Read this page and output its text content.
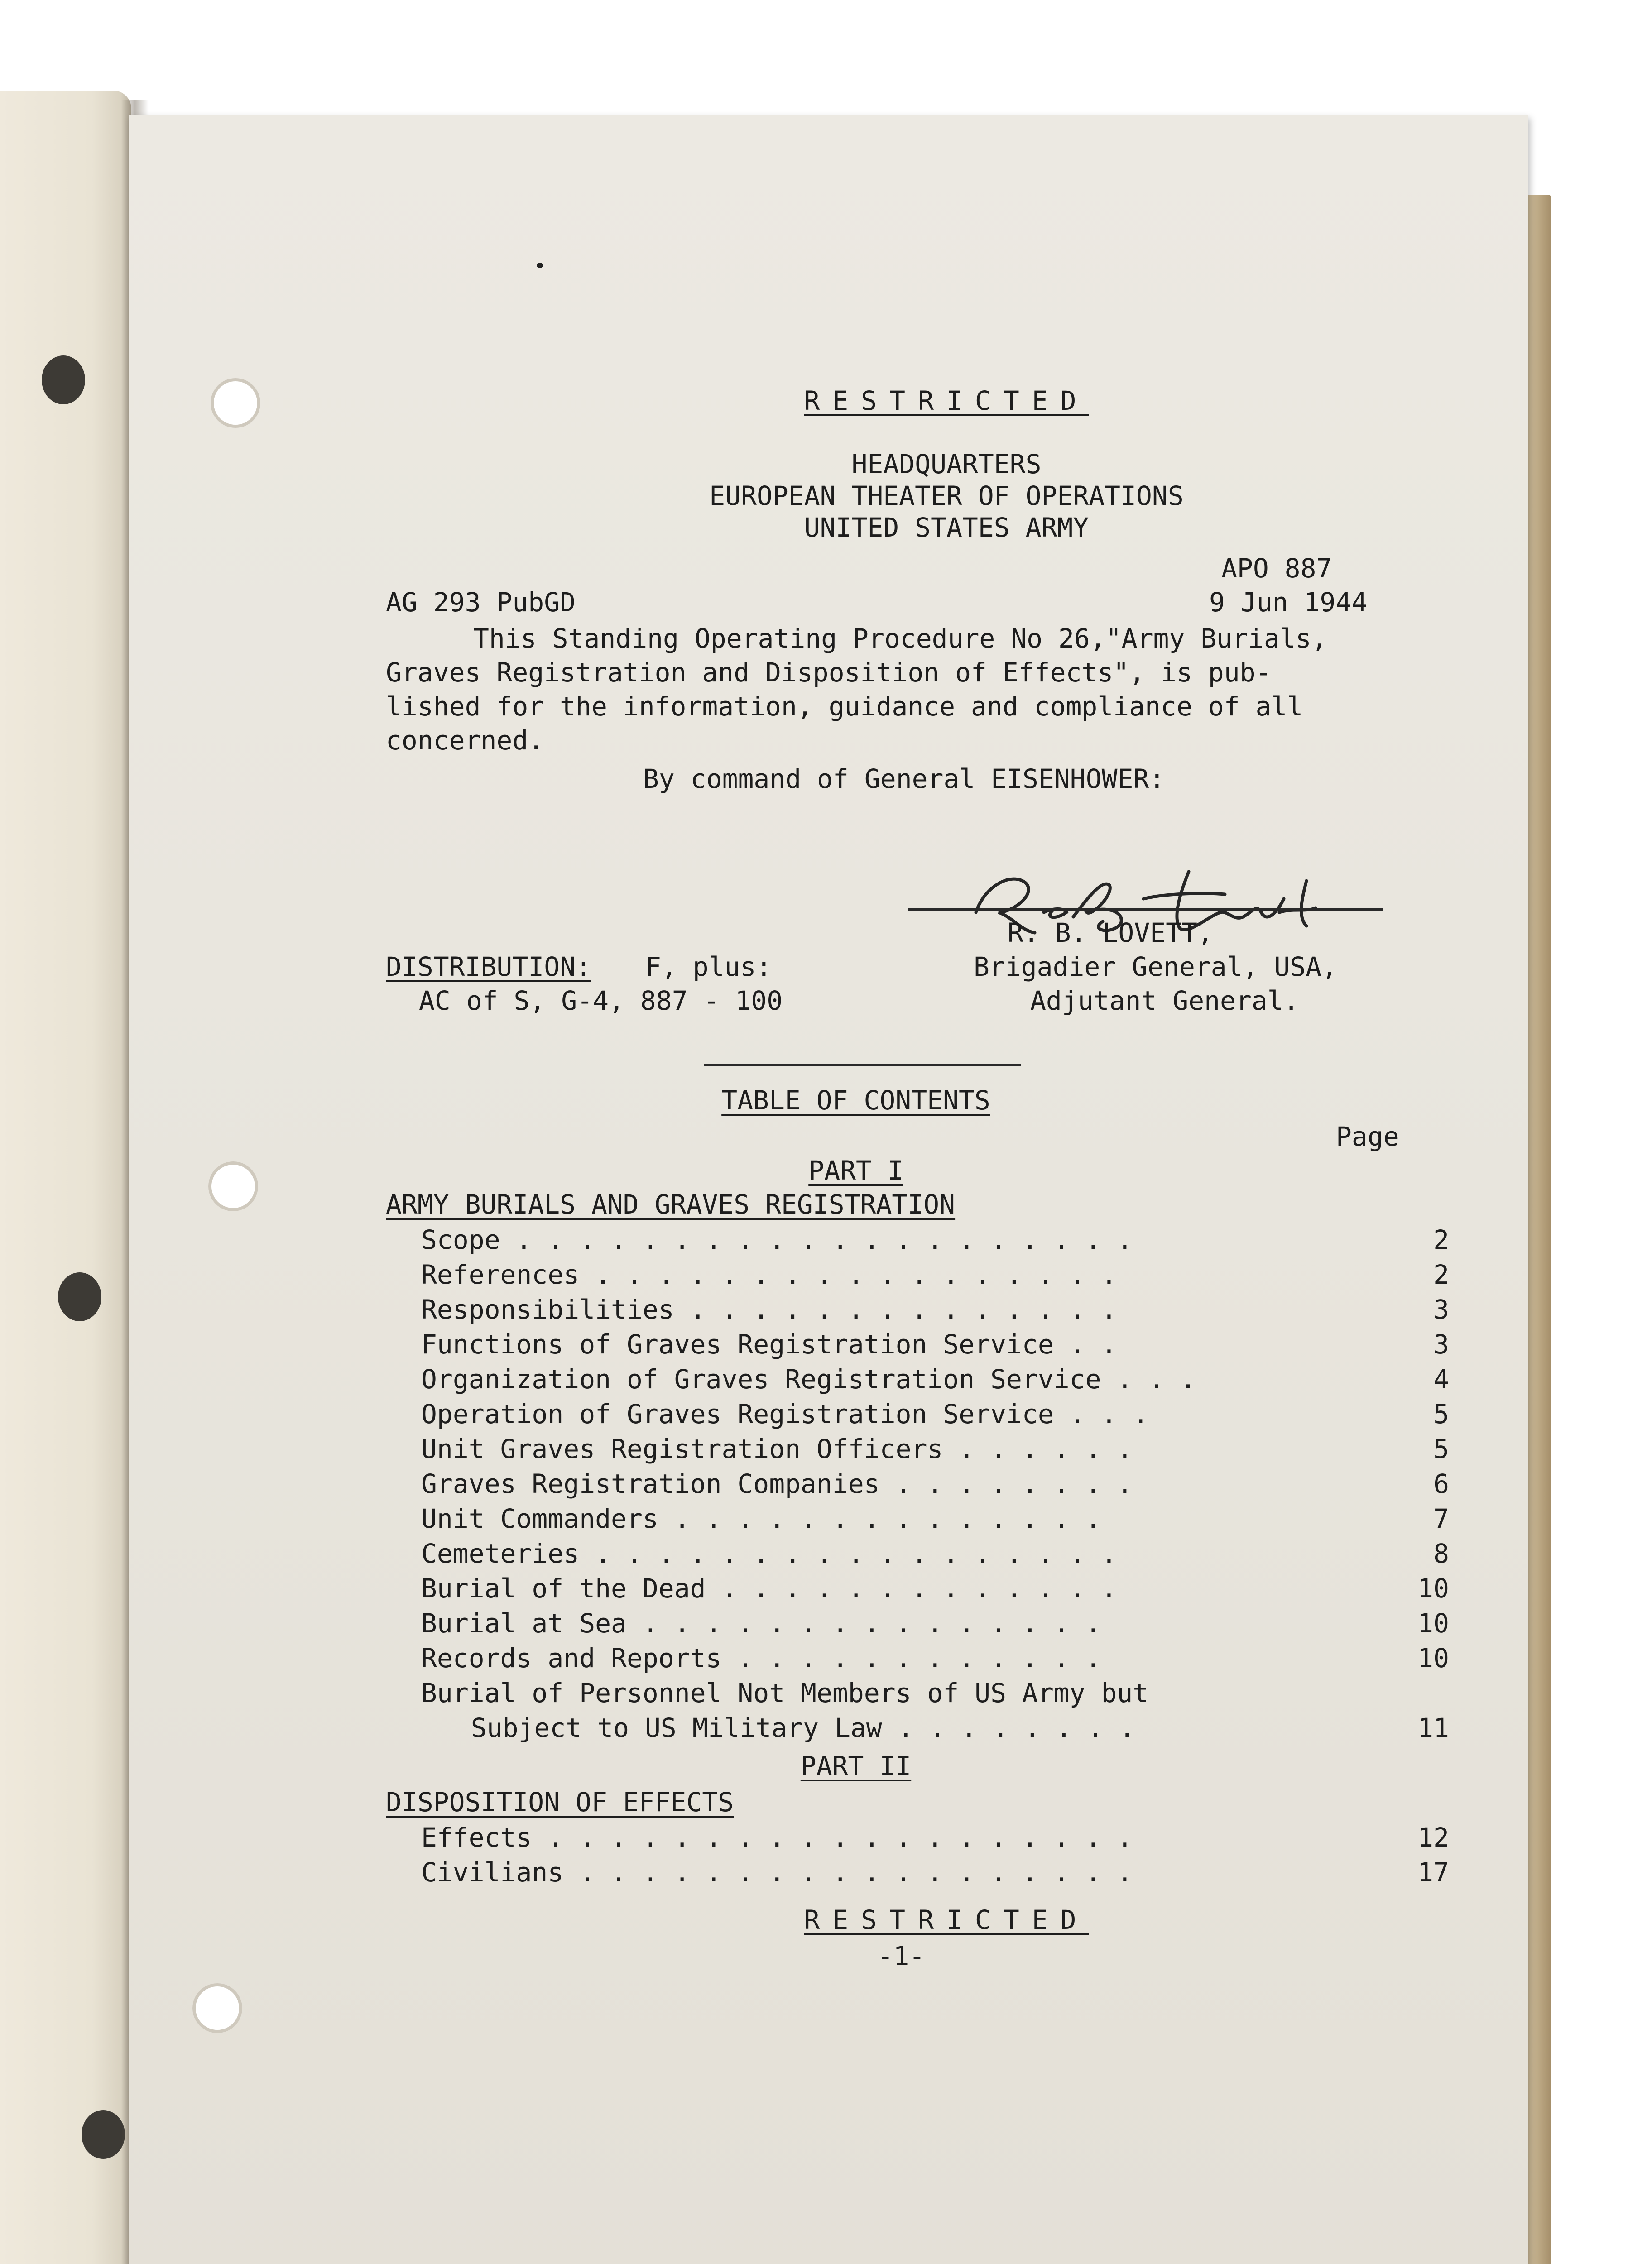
RESTRICTED
HEADQUARTERS
EUROPEAN THEATER OF OPERATIONS
UNITED STATES ARMY
APO 887
AG 293 PubGD	9 Jun 1944
This Standing Operating Procedure No 26,"Army Burials,
Graves Registration and Disposition of Effects", is pub-
lished for the information, guidance and compliance of all
concerned.
By command of General EISENHOWER:
R. B. LOVETT,
Brigadier General, USA,
Adjutant General.
DISTRIBUTION: F, plus:
AC of S, G-4, 887 - 100
TABLE OF CONTENTS
Page
PART I
ARMY BURIALS AND GRAVES REGISTRATION
Scope . . . . . . . . . . . . . . . . . . . .	2
References . . . . . . . . . . . . . . . . .	2
Responsibilities . . . . . . . . . . . . . .	3
Functions of Graves Registration Service . .	3
Organization of Graves Registration Service . . .	4
Operation of Graves Registration Service . . .	5
Unit Graves Registration Officers . . . . . .	5
Graves Registration Companies . . . . . . . .	6
Unit Commanders . . . . . . . . . . . . . .	7
Cemeteries . . . . . . . . . . . . . . . . .	8
Burial of the Dead . . . . . . . . . . . . .	10
Burial at Sea . . . . . . . . . . . . . . .	10
Records and Reports . . . . . . . . . . . .	10
Burial of Personnel Not Members of US Army but
Subject to US Military Law . . . . . . . .	11
PART II
DISPOSITION OF EFFECTS
Effects . . . . . . . . . . . . . . . . . . .	12
Civilians . . . . . . . . . . . . . . . . . .	17
RESTRICTED
-1-
